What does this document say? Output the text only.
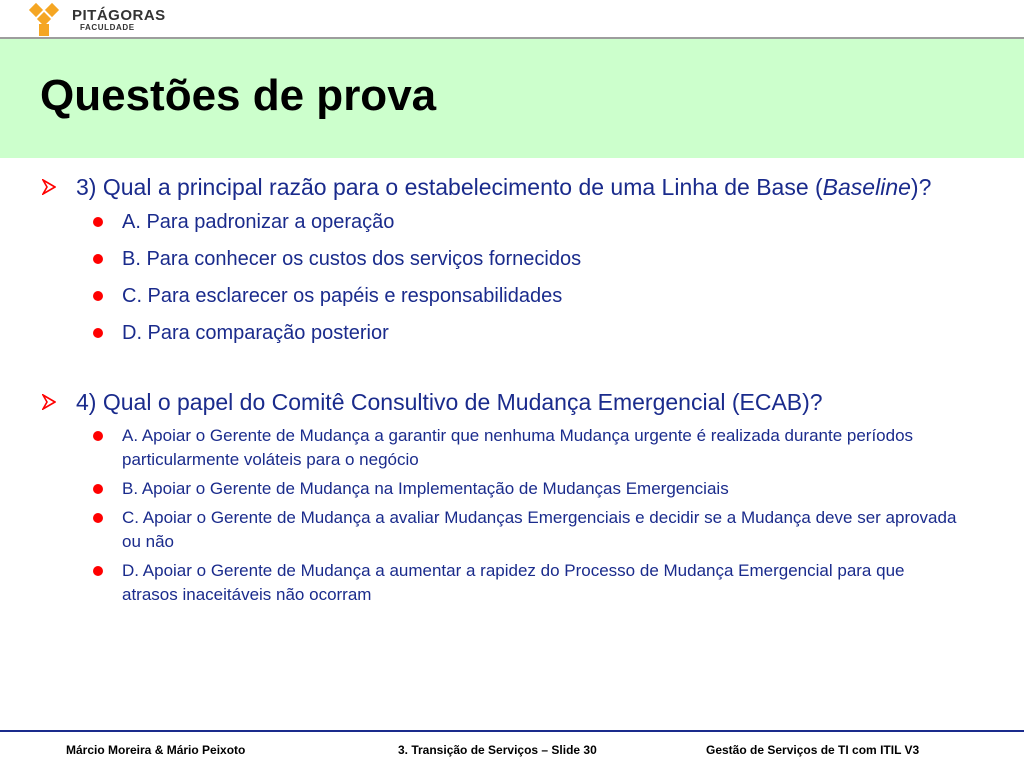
PITÁGORAS
FACULDADE
Questões de prova
3) Qual a principal razão para o estabelecimento de uma Linha de Base (Baseline)?
A. Para padronizar a operação
B. Para conhecer os custos dos serviços fornecidos
C. Para esclarecer os papéis e responsabilidades
D. Para comparação posterior
4) Qual o papel do Comitê Consultivo de Mudança Emergencial (ECAB)?
A. Apoiar o Gerente de Mudança a garantir que nenhuma Mudança urgente é realizada durante períodos particularmente voláteis para o negócio
B. Apoiar o Gerente de Mudança na Implementação de Mudanças Emergenciais
C. Apoiar o Gerente de Mudança a avaliar Mudanças Emergenciais e decidir se a Mudança deve ser aprovada ou não
D. Apoiar o Gerente de Mudança a aumentar a rapidez do Processo de Mudança Emergencial para que atrasos inaceitáveis não ocorram
Márcio Moreira & Mário Peixoto	3. Transição de Serviços – Slide 30	Gestão de Serviços de TI com ITIL V3
